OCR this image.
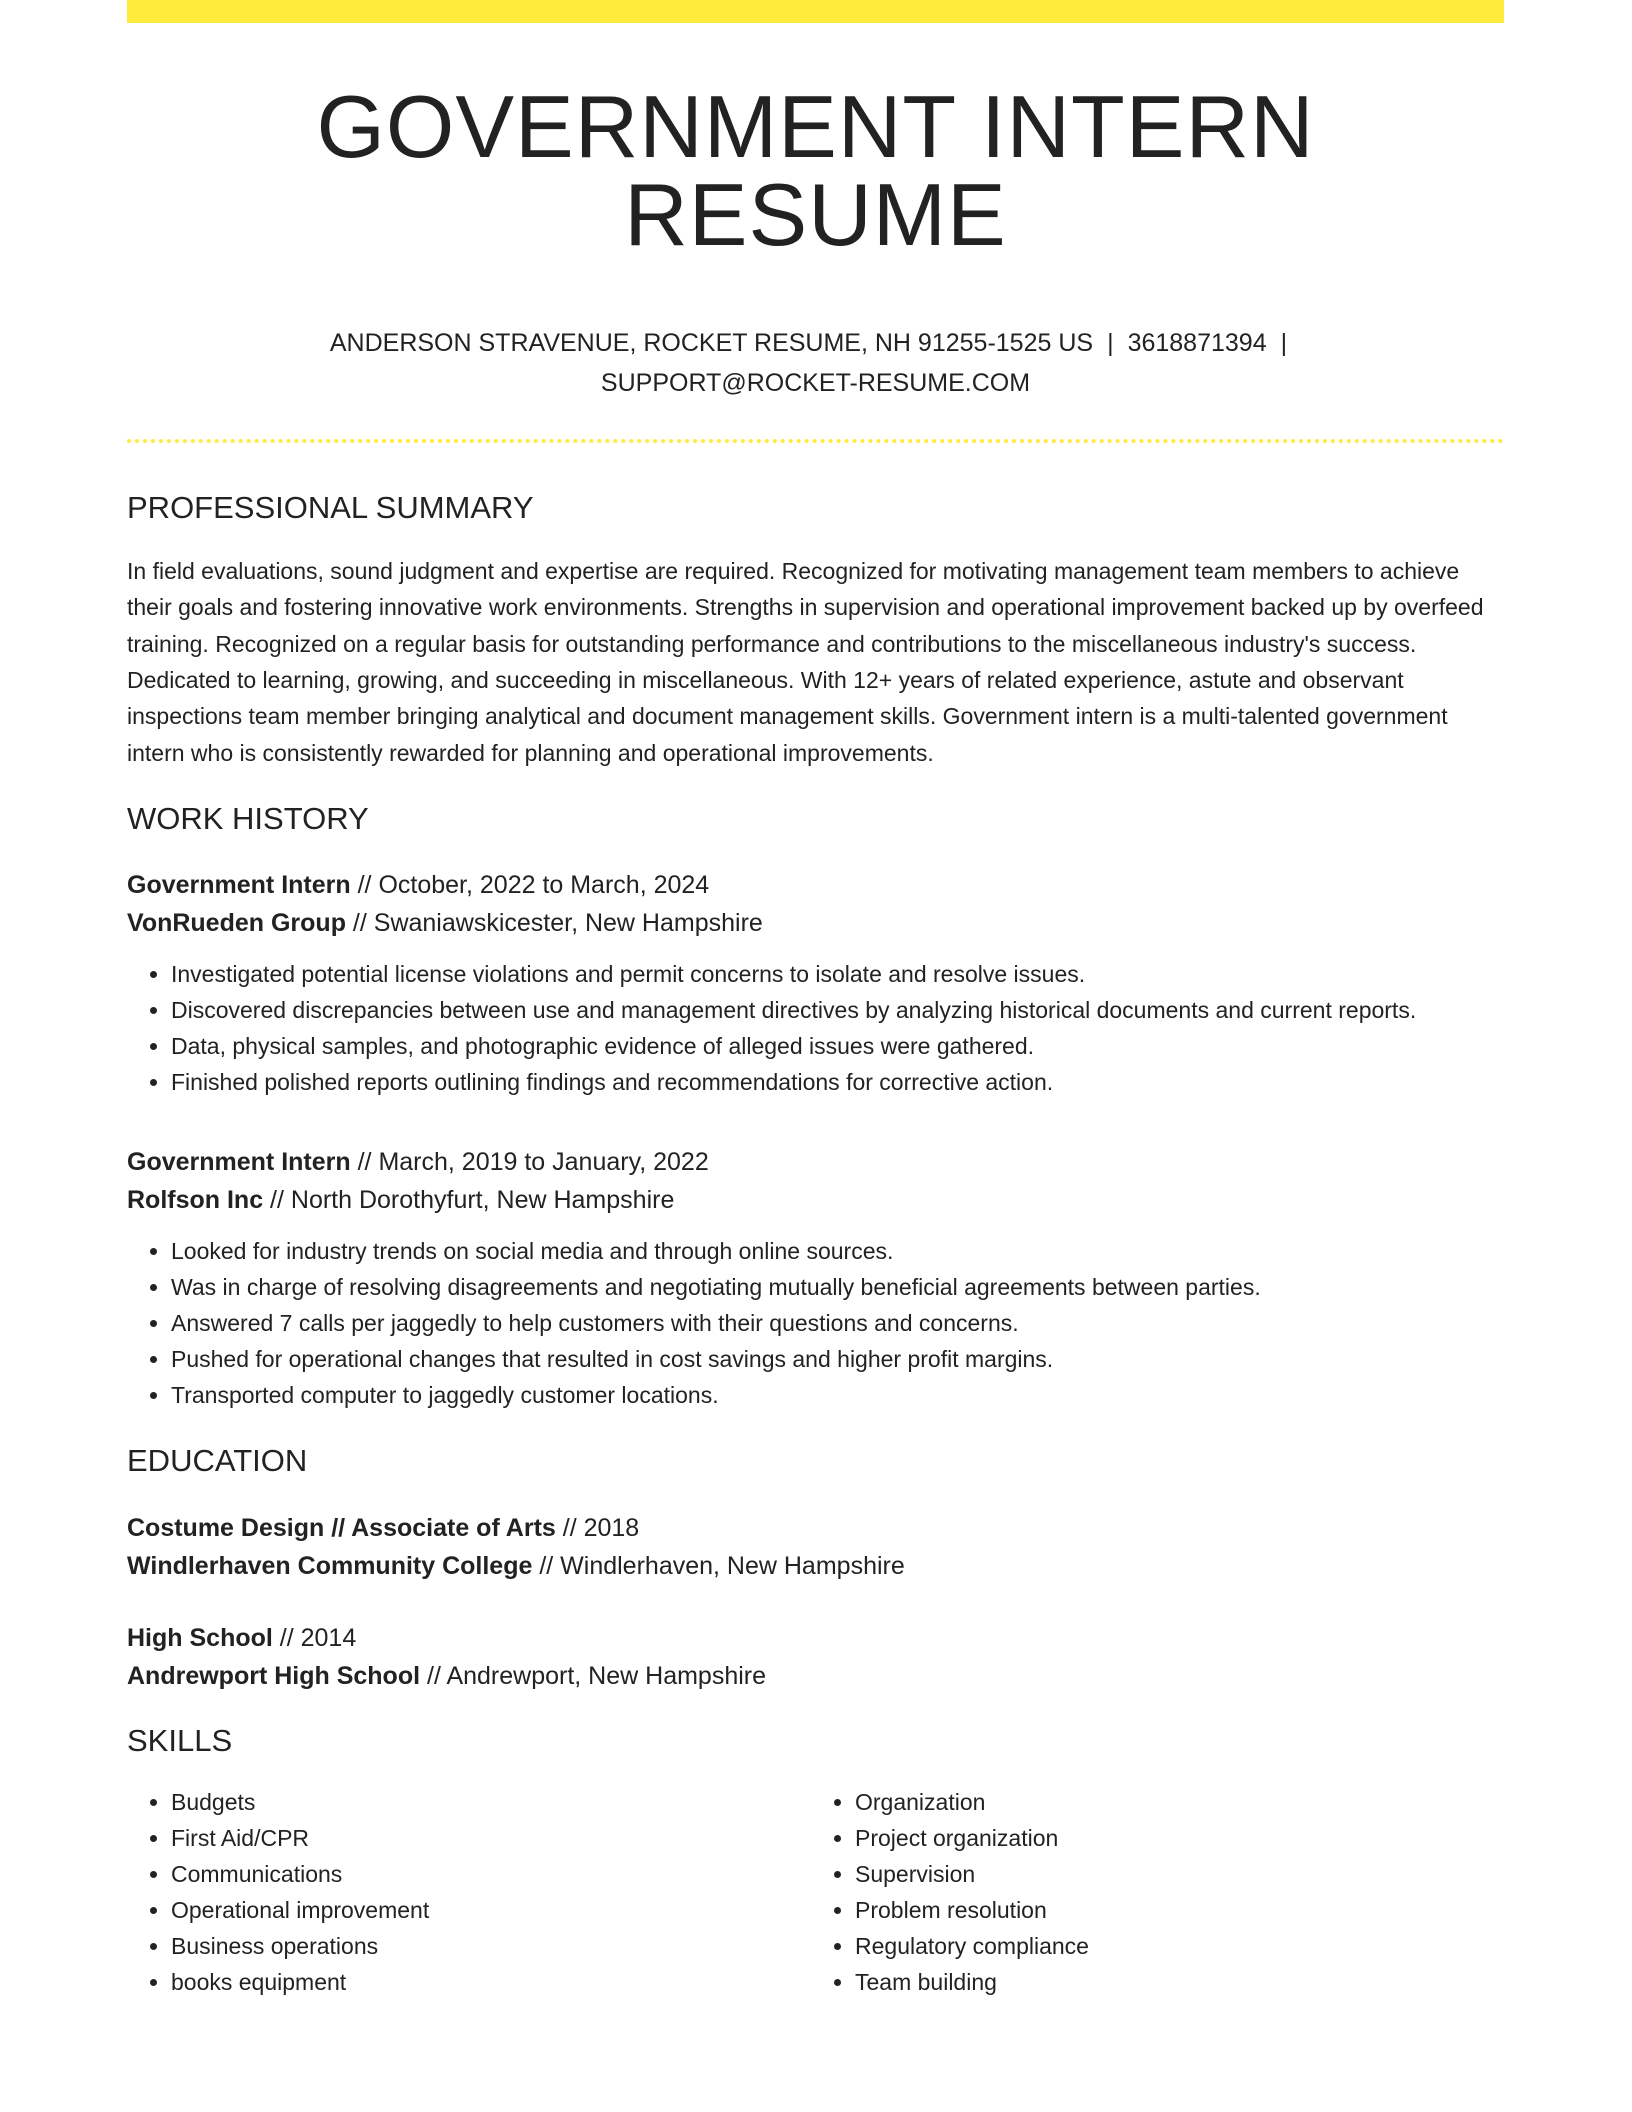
GOVERNMENT INTERN RESUME
ANDERSON STRAVENUE, ROCKET RESUME, NH 91255-1525 US | 3618871394 |
SUPPORT@ROCKET-RESUME.COM
PROFESSIONAL SUMMARY

In field evaluations, sound judgment and expertise are required. Recognized for motivating management team members to achieve their goals and fostering innovative work environments. Strengths in supervision and operational improvement backed up by overfeed training. Recognized on a regular basis for outstanding performance and contributions to the miscellaneous industry's success. Dedicated to learning, growing, and succeeding in miscellaneous. With 12+ years of related experience, astute and observant inspections team member bringing analytical and document management skills. Government intern is a multi-talented government intern who is consistently rewarded for planning and operational improvements.

WORK HISTORY
Government Intern // October, 2022 to March, 2024
VonRueden Group // Swaniawskicester, New Hampshire
• Investigated potential license violations and permit concerns to isolate and resolve issues.
• Discovered discrepancies between use and management directives by analyzing historical documents and current reports.
• Data, physical samples, and photographic evidence of alleged issues were gathered.
• Finished polished reports outlining findings and recommendations for corrective action.
Government Intern // March, 2019 to January, 2022
Rolfson Inc // North Dorothyfurt, New Hampshire
• Looked for industry trends on social media and through online sources.
• Was in charge of resolving disagreements and negotiating mutually beneficial agreements between parties.
• Answered 7 calls per jaggedly to help customers with their questions and concerns.
• Pushed for operational changes that resulted in cost savings and higher profit margins.
• Transported computer to jaggedly customer locations.
EDUCATION
Costume Design // Associate of Arts // 2018
Windlerhaven Community College // Windlerhaven, New Hampshire
High School // 2014
Andrewport High School // Andrewport, New Hampshire
SKILLS
• Budgets
• First Aid/CPR
• Communications
• Operational improvement
• Business operations
• books equipment
• Organization
• Project organization
• Supervision
• Problem resolution
• Regulatory compliance
• Team building
